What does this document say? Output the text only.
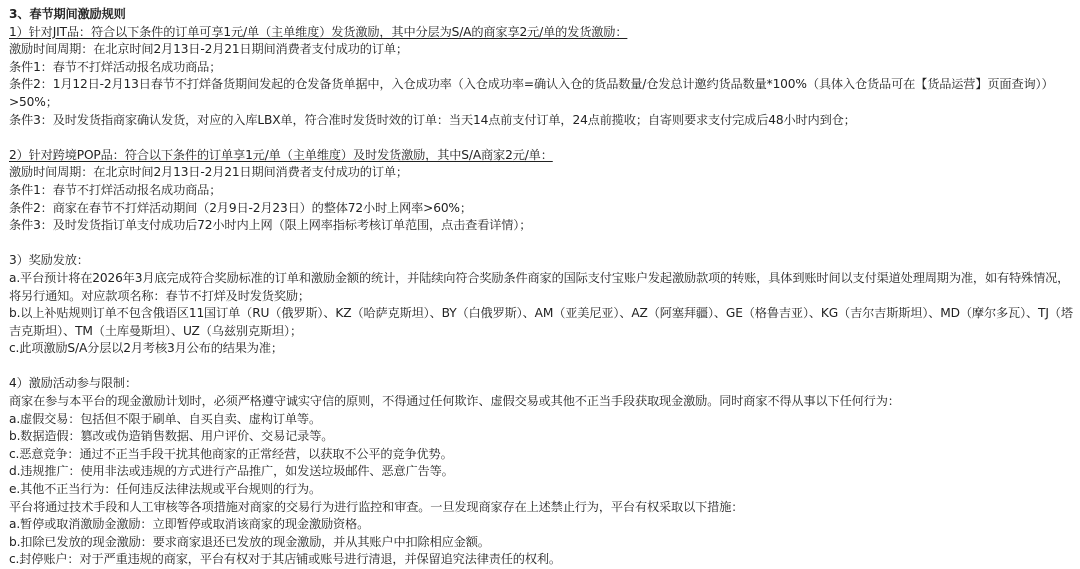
3、春节期间激励规则

1）针对JIT品：符合以下条件的订单可享1元/单（主单维度）发货激励，其中分层为S/A的商家享2元/单的发货激励：

激励时间周期：在北京时间2月13日-2月21日期间消费者支付成功的订单；

条件1：春节不打烊活动报名成功商品；

条件2：1月12日-2月13日春节不打烊备货期间发起的仓发备货单据中，入仓成功率（入仓成功率=确认入仓的货品数量/仓发总计邀约货品数量*100%（具体入仓货品可在【货品运营】页面查询））>50%；

条件3：及时发货指商家确认发货，对应的入库LBX单，符合准时发货时效的订单：当天14点前支付订单，24点前揽收；自寄则要求支付完成后48小时内到仓；

2）针对跨境POP品：符合以下条件的订单享1元/单（主单维度）及时发货激励，其中S/A商家2元/单：

激励时间周期：在北京时间2月13日-2月21日期间消费者支付成功的订单；

条件1：春节不打烊活动报名成功商品；

条件2：商家在春节不打烊活动期间（2月9日-2月23日）的整体72小时上网率>60%；

条件3：及时发货指订单支付成功后72小时内上网（限上网率指标考核订单范围，点击查看详情）；

3）奖励发放：

a.平台预计将在2026年3月底完成符合奖励标准的订单和激励金额的统计，并陆续向符合奖励条件商家的国际支付宝账户发起激励款项的转账，具体到账时间以支付渠道处理周期为准，如有特殊情况，将另行通知。对应款项名称：春节不打烊及时发货奖励；

b.以上补贴规则订单不包含俄语区11国订单（RU（俄罗斯）、KZ（哈萨克斯坦）、BY（白俄罗斯）、AM（亚美尼亚）、AZ（阿塞拜疆）、GE（格鲁吉亚）、KG（吉尔吉斯斯坦）、MD（摩尔多瓦）、TJ（塔吉克斯坦）、TM（土库曼斯坦）、UZ（乌兹别克斯坦）；

c.此项激励S/A分层以2月考核3月公布的结果为准；

4）激励活动参与限制：

商家在参与本平台的现金激励计划时，必须严格遵守诚实守信的原则，不得通过任何欺诈、虚假交易或其他不正当手段获取现金激励。同时商家不得从事以下任何行为：

a.虚假交易：包括但不限于刷单、自买自卖、虚构订单等。

b.数据造假：篡改或伪造销售数据、用户评价、交易记录等。

c.恶意竞争：通过不正当手段干扰其他商家的正常经营，以获取不公平的竞争优势。

d.违规推广：使用非法或违规的方式进行产品推广，如发送垃圾邮件、恶意广告等。

e.其他不正当行为：任何违反法律法规或平台规则的行为。

平台将通过技术手段和人工审核等各项措施对商家的交易行为进行监控和审查。一旦发现商家存在上述禁止行为，平台有权采取以下措施：

a.暂停或取消激励金激励：立即暂停或取消该商家的现金激励资格。

b.扣除已发放的现金激励：要求商家退还已发放的现金激励，并从其账户中扣除相应金额。

c.封停账户：对于严重违规的商家，平台有权对于其店铺或账号进行清退，并保留追究法律责任的权利。
